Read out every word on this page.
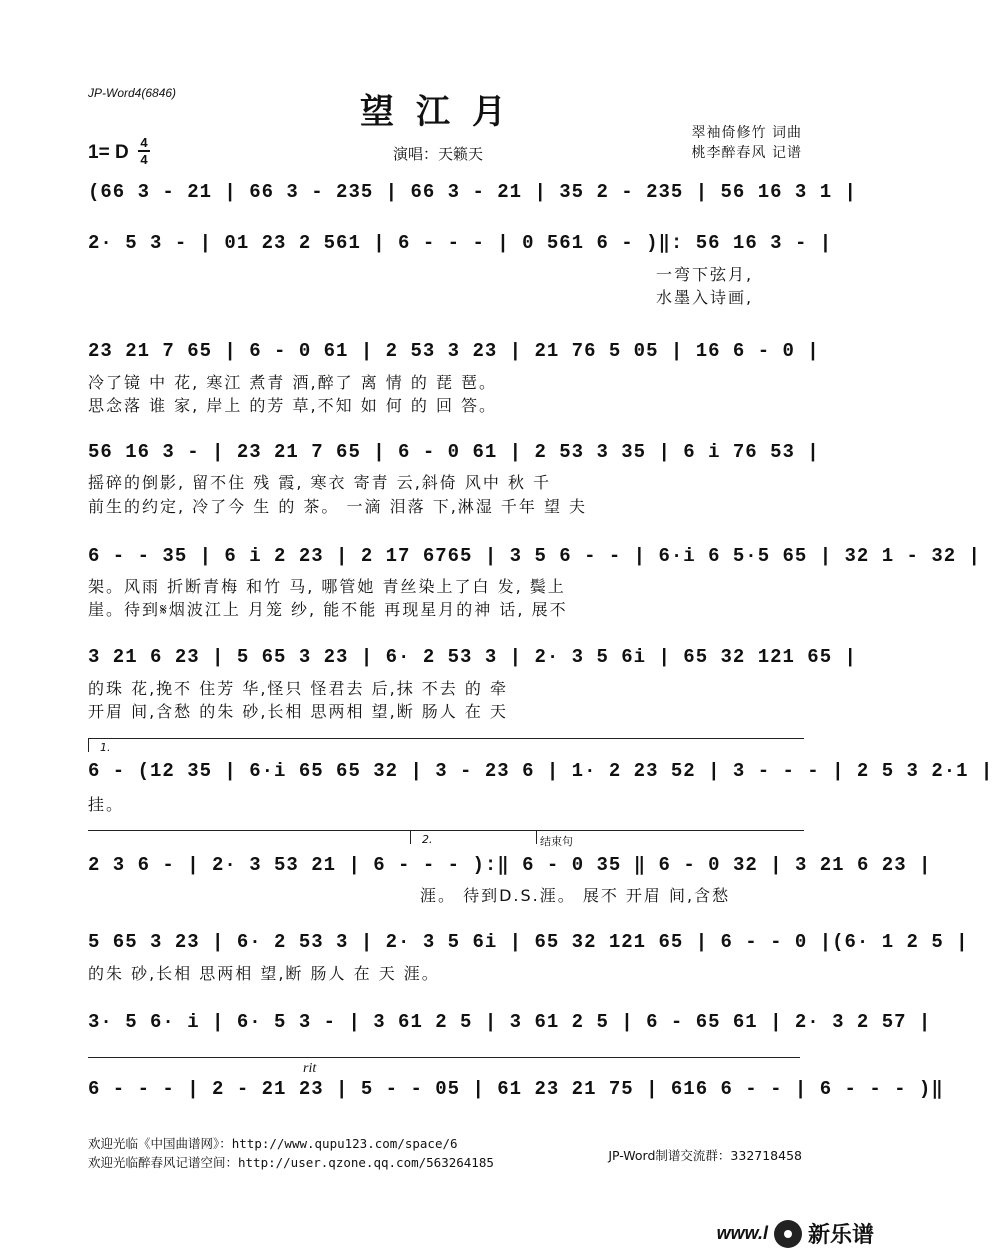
JP-Word4(6846)	望江月
1= D 4
4	演唱：天籁天
翠袖倚修竹 词曲
桃李醉春风 记谱
(66 3 - 21 | 66 3 - 235 | 66 3 - 21 | 35 2 - 235 | 56 16 3 1 |
2· 5 3 - | 01 23 2 561 | 6 - - - | 0 561 6 - )‖: 56 16 3 - |
一弯下弦月,
水墨入诗画,
23 21 7 65 | 6 - 0 61 | 2 53 3 23 | 21 76 5 05 | 16 6 - 0 |
冷了镜 中 花, 寒江 煮青 酒,醉了 离 情 的 琵 琶。
思念落 谁 家, 岸上 的芳 草,不知 如 何 的 回 答。
56 16 3 - | 23 21 7 65 | 6 - 0 61 | 2 53 3 35 | 6 i 76 53 |
摇碎的倒影, 留不住 残 霞, 寒衣 寄青 云,斜倚 风中 秋 千
前生的约定, 冷了今 生 的 茶。 一滴 泪落 下,淋湿 千年 望 夫
6 - - 35 | 6 i 2 23 | 2 17 6765 | 3 5 6 - - | 6·i 6 5·5 65 | 32 1 - 32 |
架。风雨 折断青梅 和竹 马, 哪管她 青丝染上了白 发, 鬓上
崖。待到𝄋烟波江上 月笼 纱, 能不能 再现星月的神 话, 展不
3 21 6 23 | 5 65 3 23 | 6· 2 53 3 | 2· 3 5 6i | 65 32 121 65 |
的珠 花,挽不 住芳 华,怪只 怪君去 后,抹 不去 的 牵
开眉 间,含愁 的朱 砂,长相 思两相 望,断 肠人 在 天
1.
6 - (12 35 | 6·i 65 65 32 | 3 - 23 6 | 1· 2 23 52 | 3 - - - | 2 5 3 2·1 |
挂。
2.	结束句
2 3 6 - | 2· 3 53 21 | 6 - - - ):‖ 6 - 0 35 ‖ 6 - 0 32 | 3 21 6 23 |
涯。 待到D.S.涯。 展不 开眉 间,含愁
5 65 3 23 | 6· 2 53 3 | 2· 3 5 6i | 65 32 121 65 | 6 - - 0 |(6· 1 2 5 |
的朱 砂,长相 思两相 望,断 肠人 在 天 涯。
3· 5 6· i | 6· 5 3 - | 3 61 2 5 | 3 61 2 5 | 6 - 65 61 | 2· 3 2 57 |
rit
6 - - - | 2 - 21 23 | 5 - - 05 | 61 23 21 75 | 616 6 - - | 6 - - - )‖
欢迎光临《中国曲谱网》：http://www.qupu123.com/space/6
欢迎光临醉春风记谱空间：http://user.qzone.qq.com/563264185	JP-Word制谱交流群：332718458
www.l 新乐谱
